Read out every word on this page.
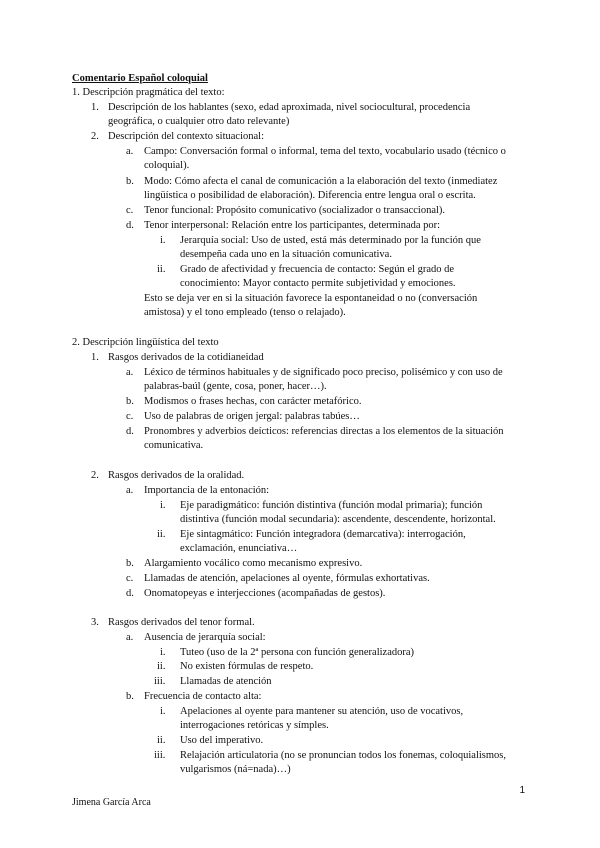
Comentario Español coloquial
1. Descripción pragmática del texto:
1. Descripción de los hablantes (sexo, edad aproximada, nivel sociocultural, procedencia
geográfica, o cualquier otro dato relevante)
2. Descripción del contexto situacional:
a. Campo: Conversación formal o informal, tema del texto, vocabulario usado (técnico o
coloquial).
b. Modo: Cómo afecta el canal de comunicación a la elaboración del texto (inmediatez
lingüística o posibilidad de elaboración). Diferencia entre lengua oral o escrita.
c. Tenor funcional: Propósito comunicativo (socializador o transaccional).
d. Tenor interpersonal: Relación entre los participantes, determinada por:
i. Jerarquía social: Uso de usted, está más determinado por la función que
desempeña cada uno en la situación comunicativa.
ii. Grado de afectividad y frecuencia de contacto: Según el grado de
conocimiento: Mayor contacto permite subjetividad y emociones.
Esto se deja ver en si la situación favorece la espontaneidad o no (conversación
amistosa) y el tono empleado (tenso o relajado).
2. Descripción lingüística del texto
1. Rasgos derivados de la cotidianeidad
a. Léxico de términos habituales y de significado poco preciso, polisémico y con uso de
palabras-baúl (gente, cosa, poner, hacer…).
b. Modismos o frases hechas, con carácter metafórico.
c. Uso de palabras de origen jergal: palabras tabúes…
d. Pronombres y adverbios deícticos: referencias directas a los elementos de la situación
comunicativa.
2. Rasgos derivados de la oralidad.
a. Importancia de la entonación:
i. Eje paradigmático: función distintiva (función modal primaria); función
distintiva (función modal secundaria): ascendente, descendente, horizontal.
ii. Eje sintagmático: Función integradora (demarcativa): interrogación,
exclamación, enunciativa…
b. Alargamiento vocálico como mecanismo expresivo.
c. Llamadas de atención, apelaciones al oyente, fórmulas exhortativas.
d. Onomatopeyas e interjecciones (acompañadas de gestos).
3. Rasgos derivados del tenor formal.
a. Ausencia de jerarquía social:
i. Tuteo (uso de la 2ª persona con función generalizadora)
ii. No existen fórmulas de respeto.
iii. Llamadas de atención
b. Frecuencia de contacto alta:
i. Apelaciones al oyente para mantener su atención, uso de vocativos,
interrogaciones retóricas y símples.
ii. Uso del imperativo.
iii. Relajación articulatoria (no se pronuncian todos los fonemas, coloquialismos,
vulgarismos (ná=nada)…)
1
Jimena García Arca
